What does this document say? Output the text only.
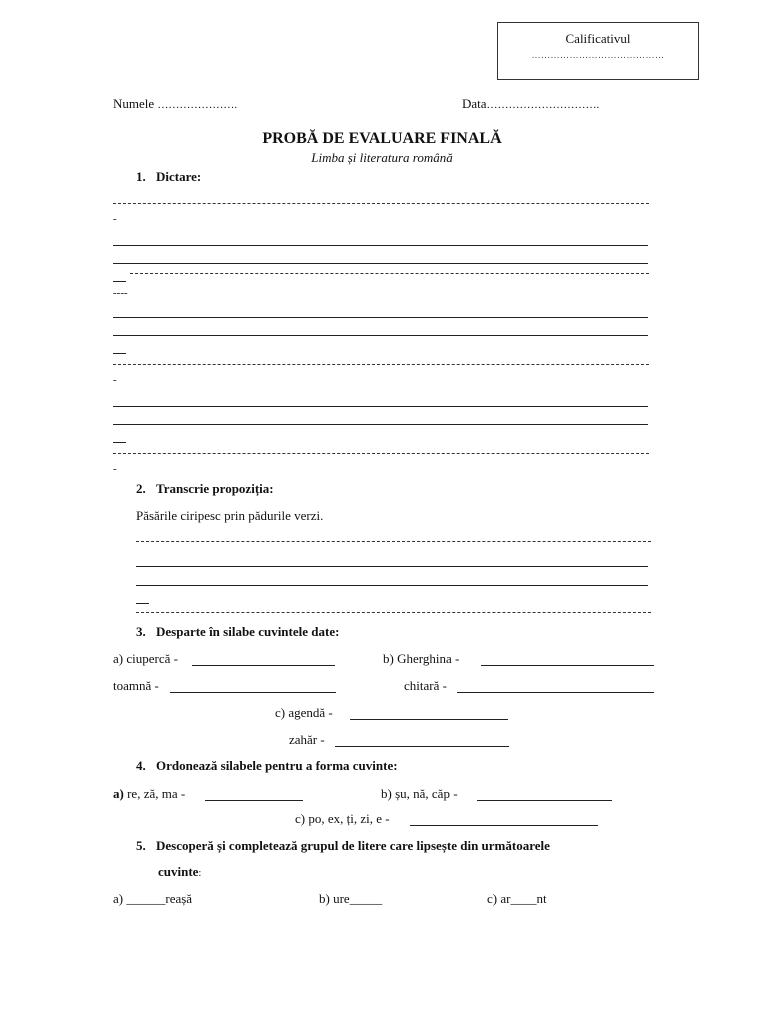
Calificativul
……………………………………
Numele ………………….	Data………………………….
PROBĂ DE EVALUARE FINALĂ
Limba și literatura română
1. Dictare:
-
----
-
-
2. Transcrie propoziția:
Păsările ciripesc prin pădurile verzi.
3. Desparte în silabe cuvintele date:
a) ciupercă -	b) Gherghina -
toamnă -	chitară -
c) agendă -
zahăr -
4. Ordonează silabele pentru a forma cuvinte:
a) re, ză, ma -	b) șu, nă, căp -
c) po, ex, ți, zi, e -
5. Descoperă și completează grupul de litere care lipsește din următoarele
cuvinte:
a) ______reașă	b) ure_____	c) ar____nt
